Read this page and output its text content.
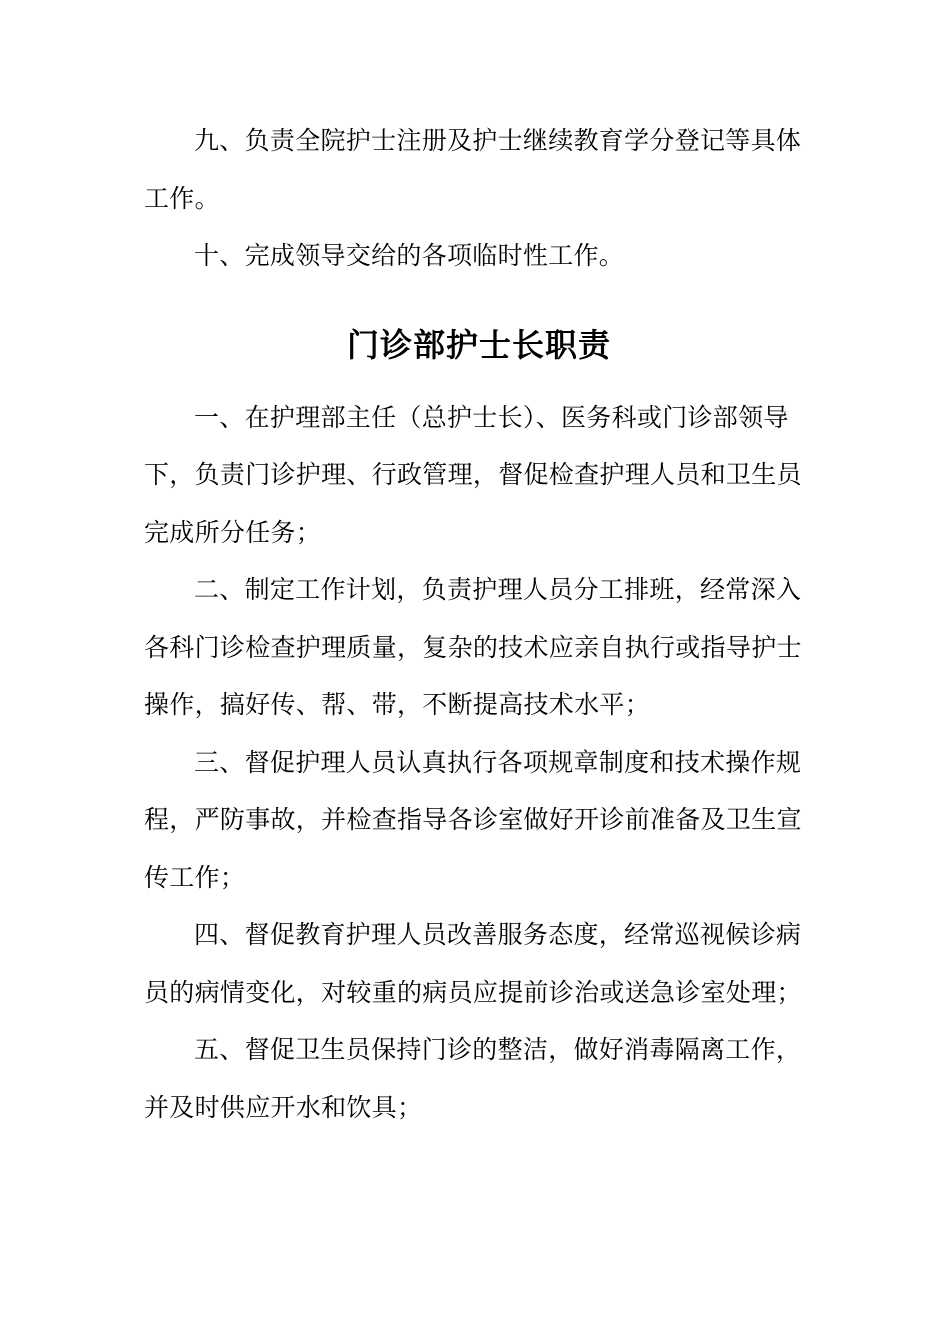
九、负责全院护士注册及护士继续教育学分登记等具体工作。

十、完成领导交给的各项临时性工作。

门诊部护士长职责

一、在护理部主任（总护士长）、医务科或门诊部领导下，负责门诊护理、行政管理，督促检查护理人员和卫生员完成所分任务；

二、制定工作计划，负责护理人员分工排班，经常深入各科门诊检查护理质量，复杂的技术应亲自执行或指导护士操作，搞好传、帮、带，不断提高技术水平；

三、督促护理人员认真执行各项规章制度和技术操作规程，严防事故，并检查指导各诊室做好开诊前准备及卫生宣传工作；

四、督促教育护理人员改善服务态度，经常巡视候诊病员的病情变化，对较重的病员应提前诊治或送急诊室处理；

五、督促卫生员保持门诊的整洁，做好消毒隔离工作，并及时供应开水和饮具；
